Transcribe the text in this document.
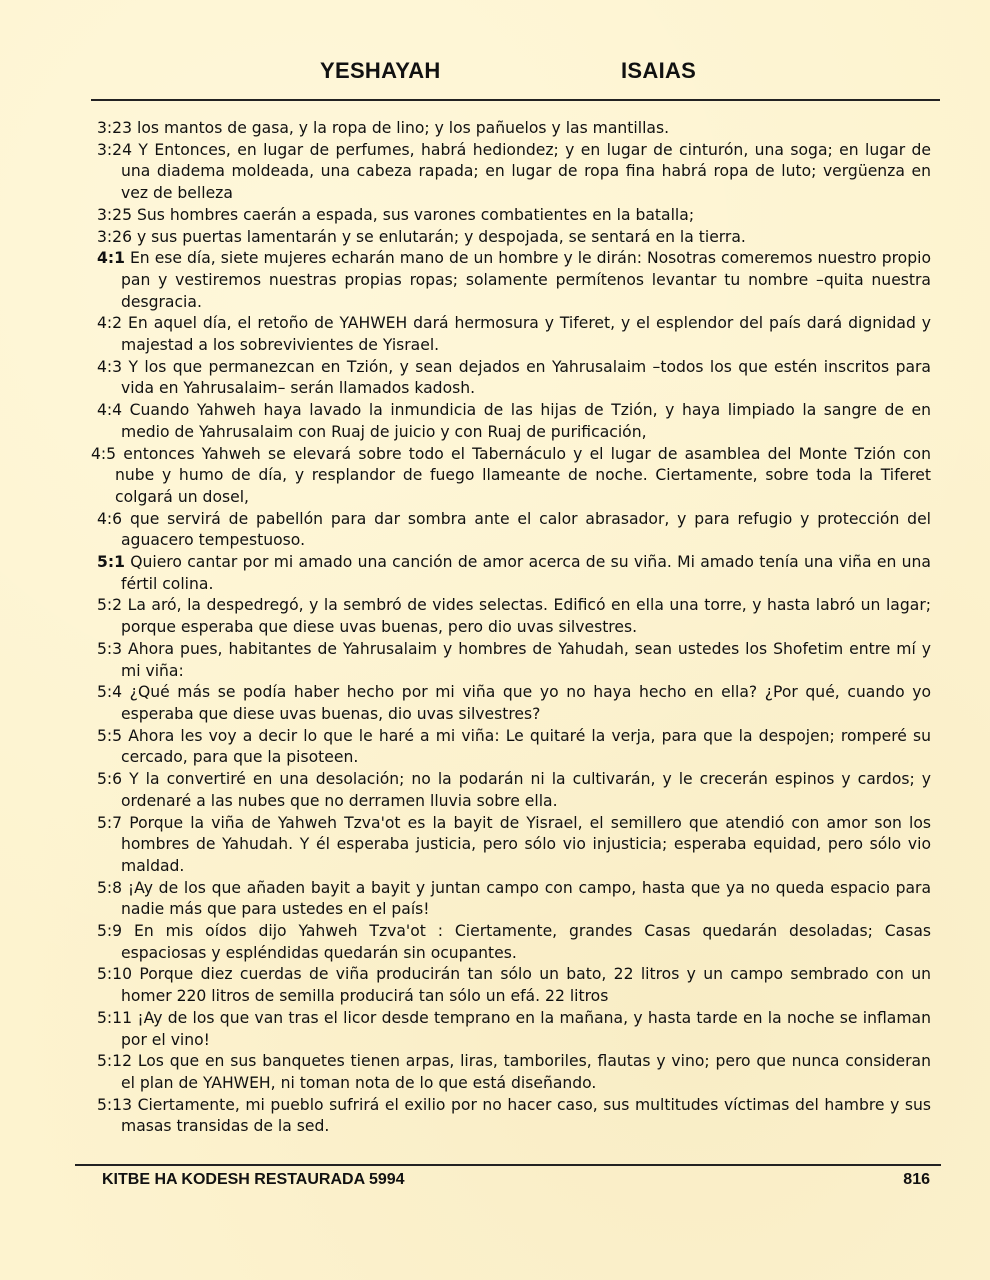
YESHAYAH	ISAIAS

3:23 los mantos de gasa, y la ropa de lino; y los pañuelos y las mantillas.

3:24 Y Entonces, en lugar de perfumes, habrá hediondez; y en lugar de cinturón, una soga; en lugar de una diadema moldeada, una cabeza rapada; en lugar de ropa fina habrá ropa de luto; vergüenza en vez de belleza

3:25 Sus hombres caerán a espada, sus varones combatientes en la batalla;

3:26 y sus puertas lamentarán y se enlutarán; y despojada, se sentará en la tierra.

4:1 En ese día, siete mujeres echarán mano de un hombre y le dirán: Nosotras comeremos nuestro propio pan y vestiremos nuestras propias ropas; solamente permítenos levantar tu nombre –quita nuestra desgracia.

4:2 En aquel día, el retoño de YAHWEH dará hermosura y Tiferet, y el esplendor del país dará dignidad y majestad a los sobrevivientes de Yisrael.

4:3 Y los que permanezcan en Tzión, y sean dejados en Yahrusalaim –todos los que estén inscritos para vida en Yahrusalaim– serán llamados kadosh.

4:4 Cuando Yahweh haya lavado la inmundicia de las hijas de Tzión, y haya limpiado la sangre de en medio de Yahrusalaim con Ruaj de juicio y con Ruaj de purificación,

4:5 entonces Yahweh se elevará sobre todo el Tabernáculo y el lugar de asamblea del Monte Tzión con nube y humo de día, y resplandor de fuego llameante de noche. Ciertamente, sobre toda la Tiferet colgará un dosel,

4:6 que servirá de pabellón para dar sombra ante el calor abrasador, y para refugio y protección del aguacero tempestuoso.

5:1 Quiero cantar por mi amado una canción de amor acerca de su viña. Mi amado tenía una viña en una fértil colina.

5:2 La aró, la despedregó, y la sembró de vides selectas. Edificó en ella una torre, y hasta labró un lagar; porque esperaba que diese uvas buenas, pero dio uvas silvestres.

5:3 Ahora pues, habitantes de Yahrusalaim y hombres de Yahudah, sean ustedes los Shofetim entre mí y mi viña:

5:4 ¿Qué más se podía haber hecho por mi viña que yo no haya hecho en ella? ¿Por qué, cuando yo esperaba que diese uvas buenas, dio uvas silvestres?

5:5 Ahora les voy a decir lo que le haré a mi viña: Le quitaré la verja, para que la despojen; romperé su cercado, para que la pisoteen.

5:6 Y la convertiré en una desolación; no la podarán ni la cultivarán, y le crecerán espinos y cardos; y ordenaré a las nubes que no derramen lluvia sobre ella.

5:7 Porque la viña de Yahweh Tzva'ot es la bayit de Yisrael, el semillero que atendió con amor son los hombres de Yahudah. Y él esperaba justicia, pero sólo vio injusticia; esperaba equidad, pero sólo vio maldad.

5:8 ¡Ay de los que añaden bayit a bayit y juntan campo con campo, hasta que ya no queda espacio para nadie más que para ustedes en el país!

5:9 En mis oídos dijo Yahweh Tzva'ot : Ciertamente, grandes Casas quedarán desoladas; Casas espaciosas y espléndidas quedarán sin ocupantes.

5:10 Porque diez cuerdas de viña producirán tan sólo un bato, 22 litros y un campo sembrado con un homer 220 litros de semilla producirá tan sólo un efá. 22 litros

5:11 ¡Ay de los que van tras el licor desde temprano en la mañana, y hasta tarde en la noche se inflaman por el vino!

5:12 Los que en sus banquetes tienen arpas, liras, tamboriles, flautas y vino; pero que nunca consideran el plan de YAHWEH, ni toman nota de lo que está diseñando.

5:13 Ciertamente, mi pueblo sufrirá el exilio por no hacer caso, sus multitudes víctimas del hambre y sus masas transidas de la sed.

KITBE HA KODESH RESTAURADA 5994	816
